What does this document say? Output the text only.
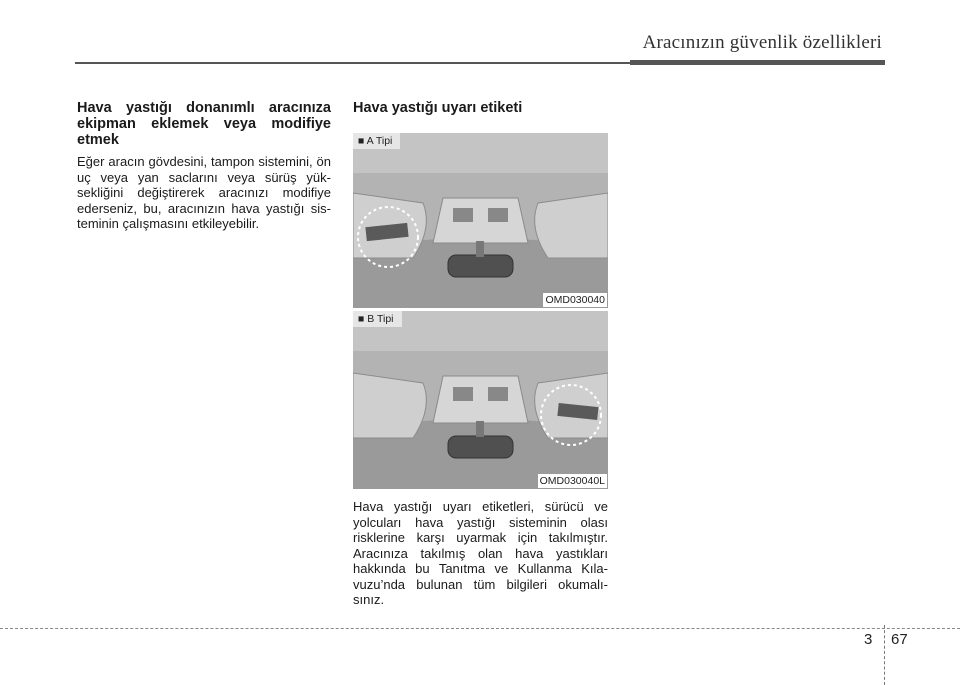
Aracınızın güvenlik özellikleri

Hava yastığı donanımlı aracınıza ekipman eklemek veya modifiye etmek

Eğer aracın gövdesini, tampon sistemini, ön uç veya yan saclarını veya sürüş yük-sekliğini değiştirerek aracınızı modifiye ederseniz, bu, aracınızın hava yastığı sis-teminin çalışmasını etkileyebilir.

Hava yastığı uyarı etiketi

■ A Tipi
OMD030040
■ B Tipi
OMD030040L

Hava yastığı uyarı etiketleri, sürücü ve yolcuları hava yastığı sisteminin olası risklerine karşı uyarmak için takılmıştır. Aracınıza takılmış olan hava yastıkları hakkında bu Tanıtma ve Kullanma Kıla-vuzu’nda bulunan tüm bilgileri okumalı-sınız.

3 67
